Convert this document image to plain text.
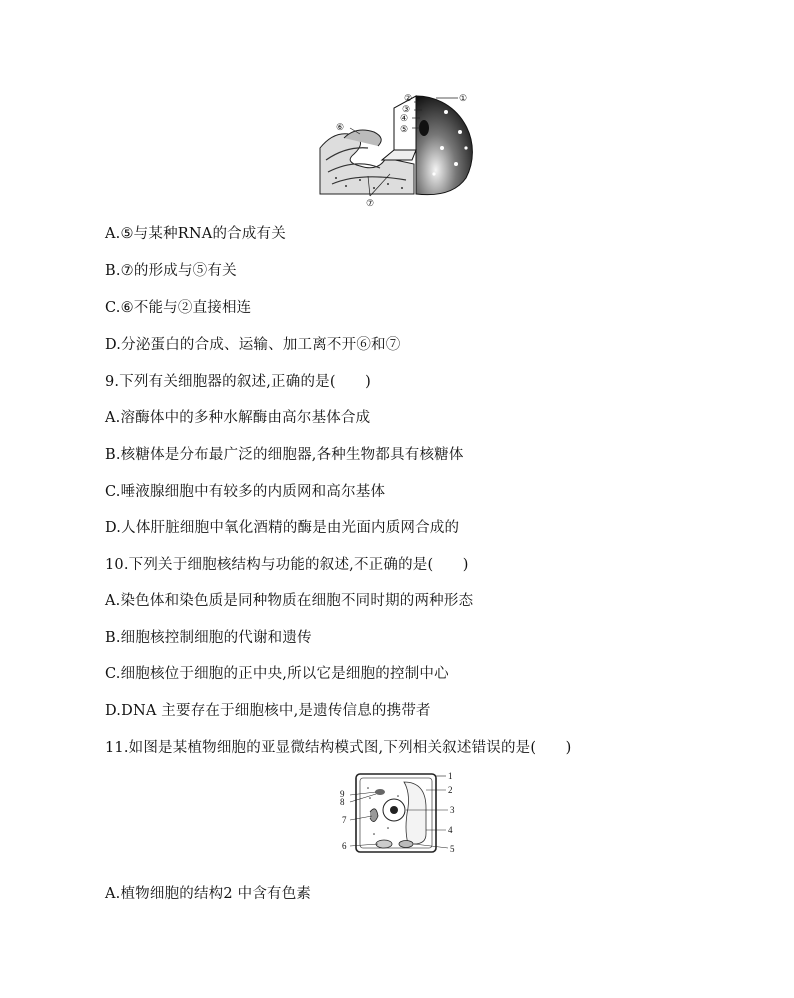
①
②
③
④
⑤
⑥
⑦
A.⑤与某种RNA的合成有关
B.⑦的形成与⑤有关
C.⑥不能与②直接相连
D.分泌蛋白的合成、运输、加工离不开⑥和⑦
9.下列有关细胞器的叙述,正确的是(　　)
A.溶酶体中的多种水解酶由高尔基体合成
B.核糖体是分布最广泛的细胞器,各种生物都具有核糖体
C.唾液腺细胞中有较多的内质网和高尔基体
D.人体肝脏细胞中氧化酒精的酶是由光面内质网合成的
10.下列关于细胞核结构与功能的叙述,不正确的是(　　)
A.染色体和染色质是同种物质在细胞不同时期的两种形态
B.细胞核控制细胞的代谢和遗传
C.细胞核位于细胞的正中央,所以它是细胞的控制中心
D.DNA 主要存在于细胞核中,是遗传信息的携带者
11.如图是某植物细胞的亚显微结构模式图,下列相关叙述错误的是(　　)
1
2
3
4
5
6
7
8
9
A.植物细胞的结构2 中含有色素
